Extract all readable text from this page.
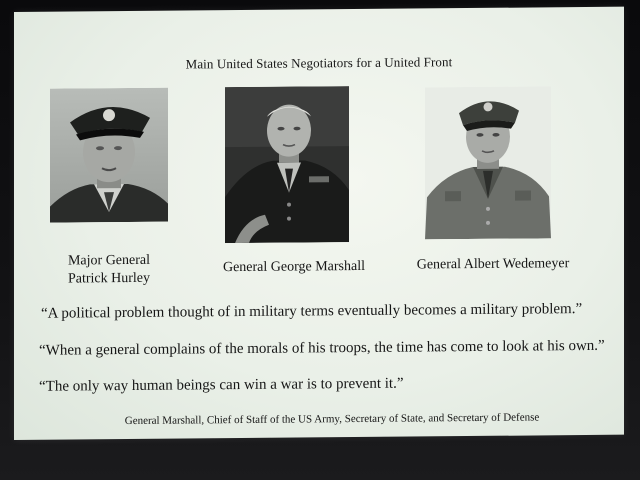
Main United States Negotiators for a United Front
Major General
Patrick Hurley
General George Marshall	General Albert Wedemeyer
“A political problem thought of in military terms eventually becomes a military problem.”
“When a general complains of the morals of his troops, the time has come to look at his own.”
“The only way human beings can win a war is to prevent it.”
General Marshall, Chief of Staff of the US Army, Secretary of State, and Secretary of Defense
